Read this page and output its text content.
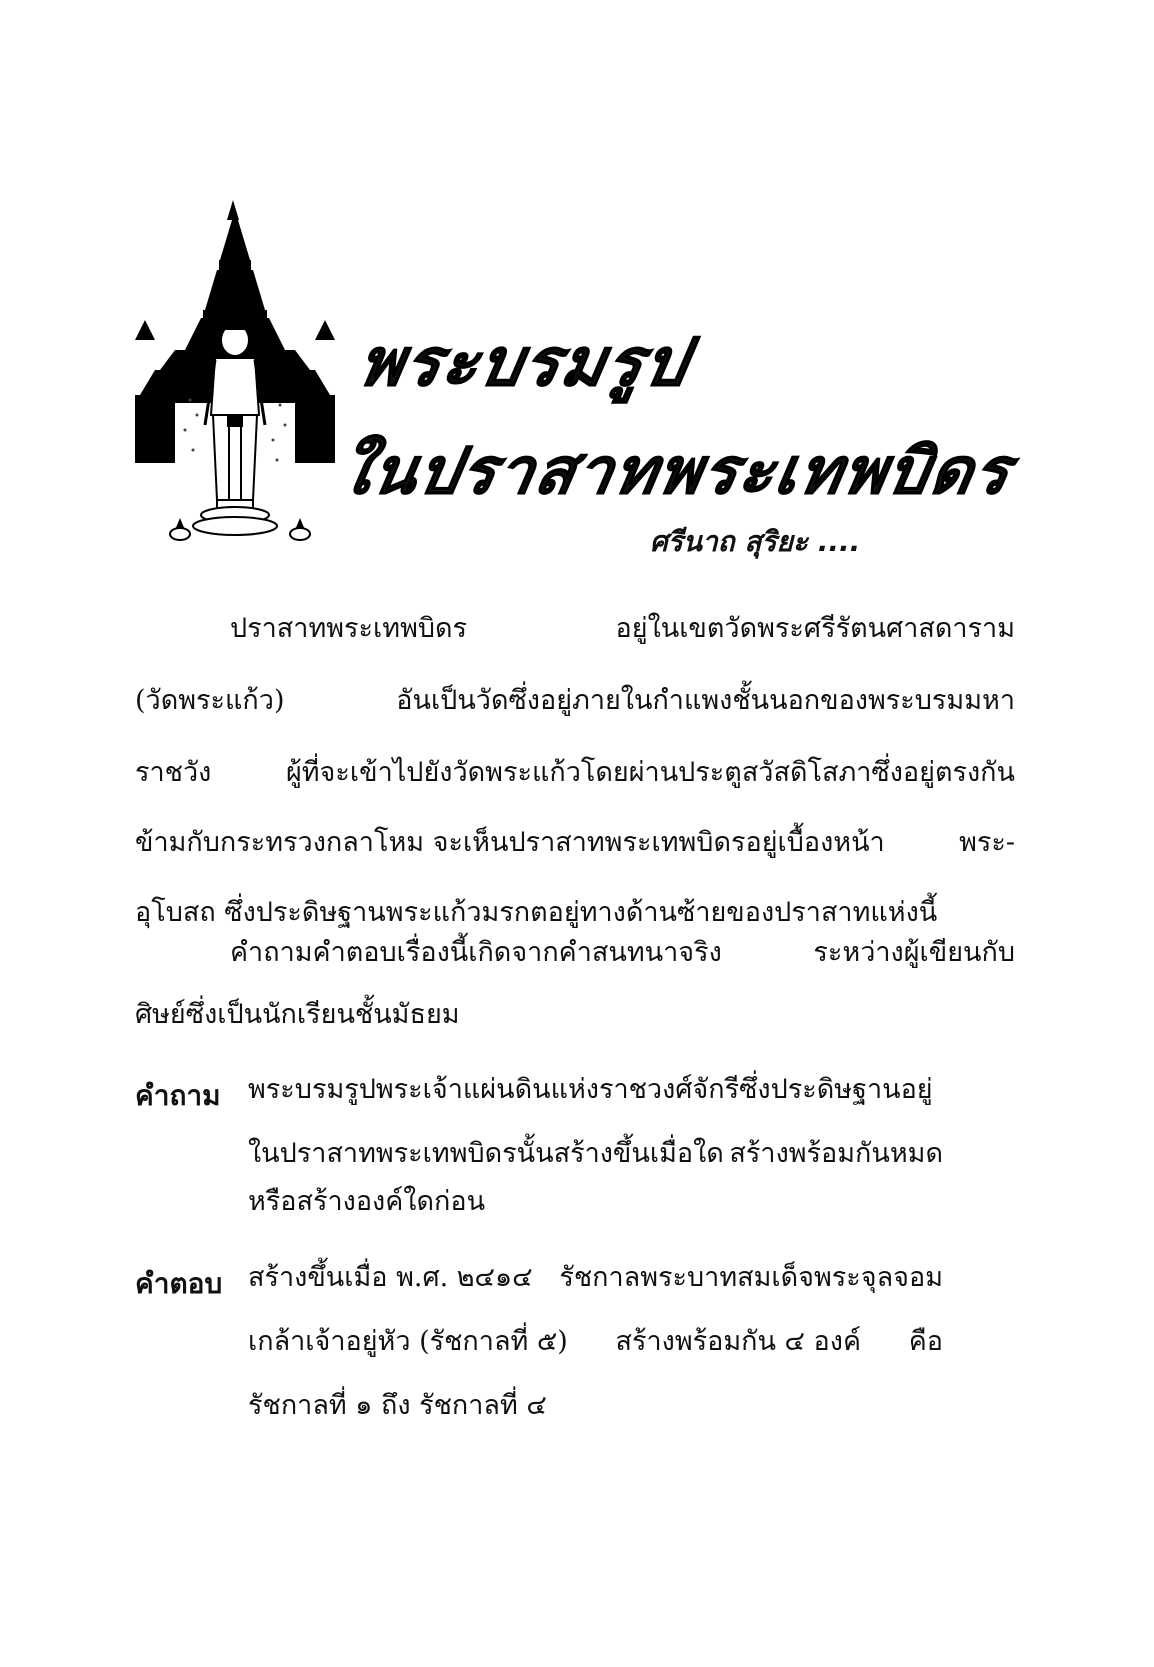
พระบรมรูป
ในปราสาทพระเทพบิดร
ศรีนาถ สุริยะ ....
ปราสาทพระเทพบิดร	อยู่ในเขตวัดพระศรีรัตนศาสดาราม
(วัดพระแก้ว)	อันเป็นวัดซึ่งอยู่ภายในกำแพงชั้นนอกของพระบรมมหา
ราชวัง	ผู้ที่จะเข้าไปยังวัดพระแก้วโดยผ่านประตูสวัสดิโสภาซึ่งอยู่ตรงกัน
ข้ามกับกระทรวงกลาโหม จะเห็นปราสาทพระเทพบิดรอยู่เบื้องหน้า	พระ-
อุโบสถ ซึ่งประดิษฐานพระแก้วมรกตอยู่ทางด้านซ้ายของปราสาทแห่งนี้
คำถามคำตอบเรื่องนี้เกิดจากคำสนทนาจริง	ระหว่างผู้เขียนกับ
ศิษย์ซึ่งเป็นนักเรียนชั้นมัธยม
คำถาม พระบรมรูปพระเจ้าแผ่นดินแห่งราชวงศ์จักรีซึ่งประดิษฐานอยู่
ในปราสาทพระเทพบิดรนั้นสร้างขึ้นเมื่อใด สร้างพร้อมกันหมด
หรือสร้างองค์ใดก่อน
คำตอบ สร้างขึ้นเมื่อ พ.ศ. ๒๔๑๔ รัชกาลพระบาทสมเด็จพระจุลจอม
เกล้าเจ้าอยู่หัว (รัชกาลที่ ๕) สร้างพร้อมกัน ๔ องค์ คือ
รัชกาลที่ ๑ ถึง รัชกาลที่ ๔
